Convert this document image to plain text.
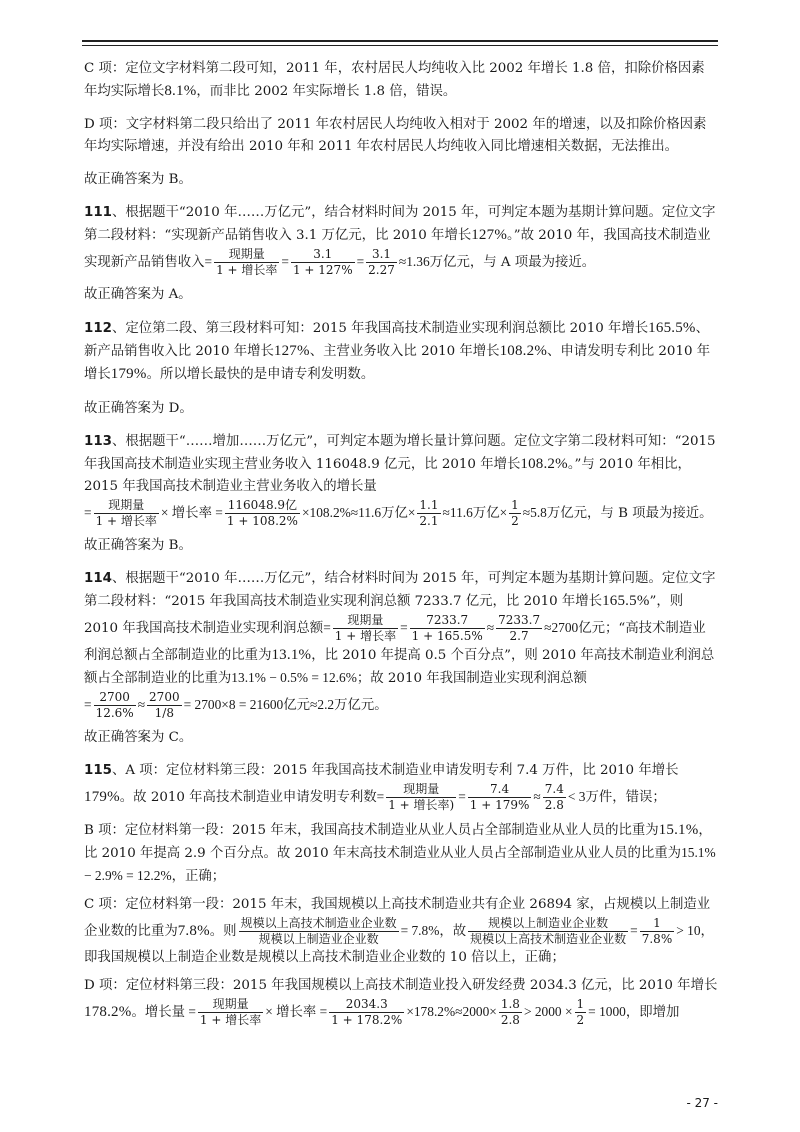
C 项：定位文字材料第二段可知，2011 年，农村居民人均纯收入比 2002 年增长 1.8 倍，扣除价格因素年均实际增长8.1%，而非比 2002 年实际增长 1.8 倍，错误。

D 项：文字材料第二段只给出了 2011 年农村居民人均纯收入相对于 2002 年的增速，以及扣除价格因素年均实际增速，并没有给出 2010 年和 2011 年农村居民人均纯收入同比增速相关数据，无法推出。

故正确答案为 B。

111、根据题干“2010 年……万亿元”，结合材料时间为 2015 年，可判定本题为基期计算问题。定位文字第二段材料：“实现新产品销售收入 3.1 万亿元，比 2010 年增长127%。”故 2010 年，我国高技术制造业实现新产品销售收入= $\frac{\text{现期量}}{\text{1 + 增长率}} = \frac{3.1}{1 + 127\%} = \frac{3.1}{2.27} \approx 1.36$万亿元，与 A 项最为接近。

故正确答案为 A。

112、定位第二段、第三段材料可知：2015 年我国高技术制造业实现利润总额比 2010 年增长165.5%、新产品销售收入比 2010 年增长127%、主营业务收入比 2010 年增长108.2%、申请发明专利比 2010 年增长179%。所以增长最快的是申请专利发明数。

故正确答案为 D。

113、根据题干“……增加……万亿元”，可判定本题为增长量计算问题。定位文字第二段材料可知：“2015 年我国高技术制造业实现主营业务收入 116048.9 亿元，比 2010 年增长108.2%。”与 2010 年相比，2015 年我国高技术制造业主营业务收入的增长量
= $\frac{\text{现期量}}{\text{1 + 增长率}}$ × 增长率 = $\frac{\text{116048.9亿}}{1 + 108.2\%} \times 108.2\%\approx 11.6$万亿× $\frac{1.1}{2.1} \approx 11.6$万亿× $\frac{1}{2} \approx 5.8$万亿元，与 B 项最为接近。

故正确答案为 B。

114、根据题干“2010 年……万亿元”，结合材料时间为 2015 年，可判定本题为基期计算问题。定位文字第二段材料：“2015 年我国高技术制造业实现利润总额 7233.7 亿元，比 2010 年增长165.5%”，则 2010 年我国高技术制造业实现利润总额= $\frac{\text{现期量}}{\text{1 + 增长率}} = \frac{7233.7}{1 + 165.5\%} \approx \frac{7233.7}{2.7} \approx 2700$亿元；“高技术制造业利润总额占全部制造业的比重为13.1%，比 2010 年提高 0.5 个百分点”，则 2010 年高技术制造业利润总额占全部制造业的比重为13.1% − 0.5% = 12.6%；故 2010 年我国制造业实现利润总额
= $\frac{2700}{12.6\%} \approx \frac{2700}{1/8} = 2700\times 8 = 21600$亿元≈2.2万亿元。

故正确答案为 C。

115、A 项：定位材料第三段：2015 年我国高技术制造业申请发明专利 7.4 万件，比 2010 年增长179%。故 2010 年高技术制造业申请发明专利数= $\frac{\text{现期量}}{\text{1 + 增长率)}} = \frac{7.4}{1 + 179\%} \approx \frac{7.4}{2.8} < 3$万件，错误；

B 项：定位材料第一段：2015 年末，我国高技术制造业从业人员占全部制造业从业人员的比重为15.1%，比 2010 年提高 2.9 个百分点。故 2010 年末高技术制造业从业人员占全部制造业从业人员的比重为15.1% − 2.9% = 12.2%，正确；

C 项：定位材料第一段：2015 年末，我国规模以上高技术制造业共有企业 26894 家，占规模以上制造业企业数的比重为7.8%。则 $\frac{\text{规模以上高技术制造业企业数}}{\text{规模以上制造业企业数}} = 7.8\%$，故 $\frac{\text{规模以上制造业企业数}}{\text{规模以上高技术制造业企业数}} = \frac{1}{7.8\%} > 10$，即我国规模以上制造企业数是规模以上高技术制造业企业数的 10 倍以上，正确；

D 项：定位材料第三段：2015 年我国规模以上高技术制造业投入研发经费 2034.3 亿元，比 2010 年增长178.2%。增长量 = $\frac{\text{现期量}}{\text{1 + 增长率}}$ × 增长率 = $\frac{2034.3}{1 + 178.2\%} \times 178.2\%\approx 2000\times \frac{1.8}{2.8} > 2000 \times \frac{1}{2} = 1000$，即增加

- 27 -
